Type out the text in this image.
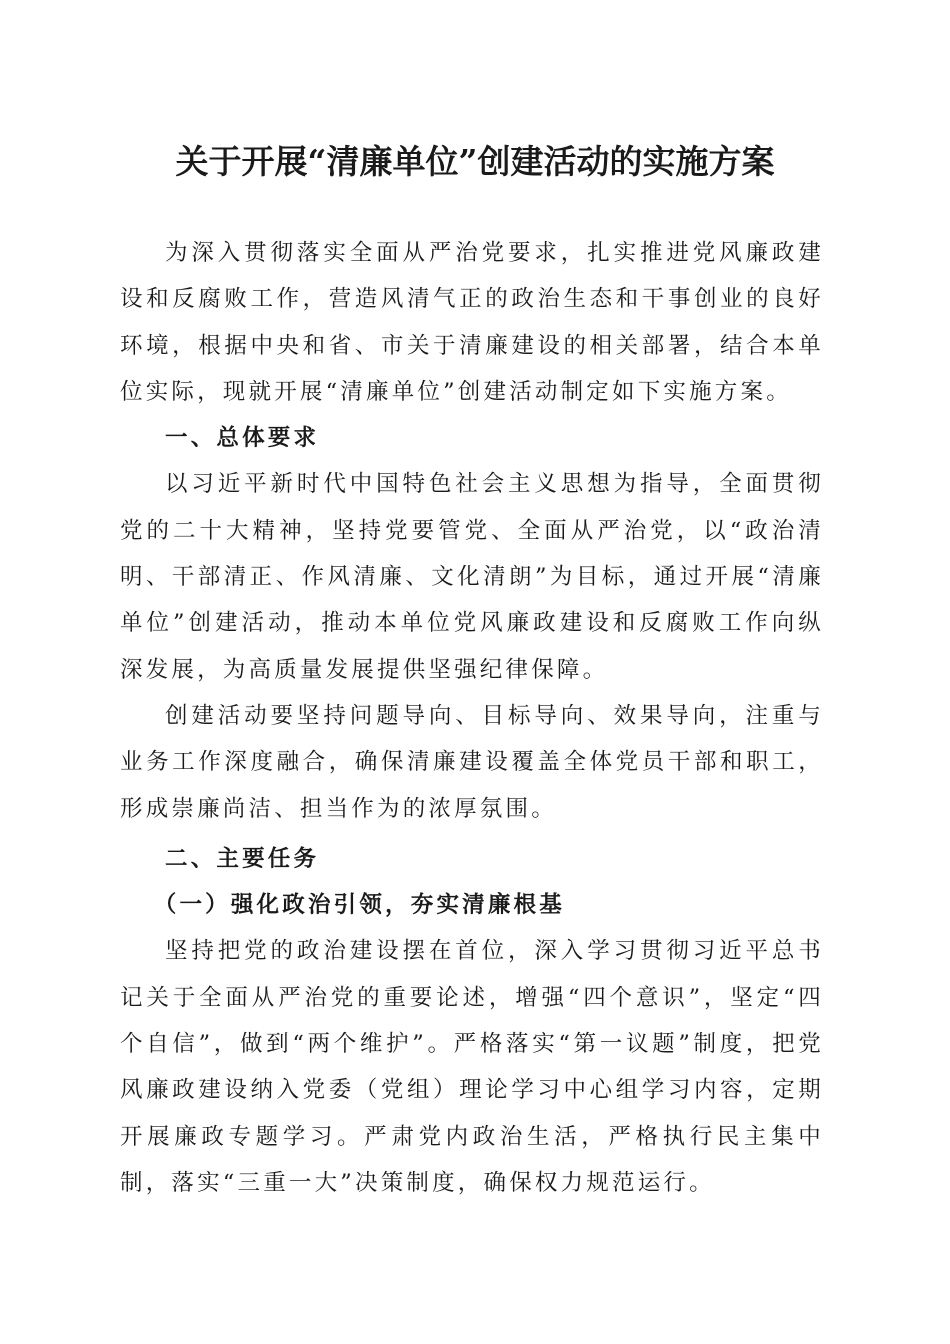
关于开展“清廉单位”创建活动的实施方案

为深入贯彻落实全面从严治党要求，扎实推进党风廉政建设和反腐败工作，营造风清气正的政治生态和干事创业的良好环境，根据中央和省、市关于清廉建设的相关部署，结合本单位实际，现就开展“清廉单位”创建活动制定如下实施方案。

一、总体要求

以习近平新时代中国特色社会主义思想为指导，全面贯彻党的二十大精神，坚持党要管党、全面从严治党，以“政治清明、干部清正、作风清廉、文化清朗”为目标，通过开展“清廉单位”创建活动，推动本单位党风廉政建设和反腐败工作向纵深发展，为高质量发展提供坚强纪律保障。

创建活动要坚持问题导向、目标导向、效果导向，注重与业务工作深度融合，确保清廉建设覆盖全体党员干部和职工，形成崇廉尚洁、担当作为的浓厚氛围。

二、主要任务

（一）强化政治引领，夯实清廉根基

坚持把党的政治建设摆在首位，深入学习贯彻习近平总书记关于全面从严治党的重要论述，增强“四个意识”，坚定“四个自信”，做到“两个维护”。严格落实“第一议题”制度，把党风廉政建设纳入党委（党组）理论学习中心组学习内容，定期开展廉政专题学习。严肃党内政治生活，严格执行民主集中制，落实“三重一大”决策制度，确保权力规范运行。
